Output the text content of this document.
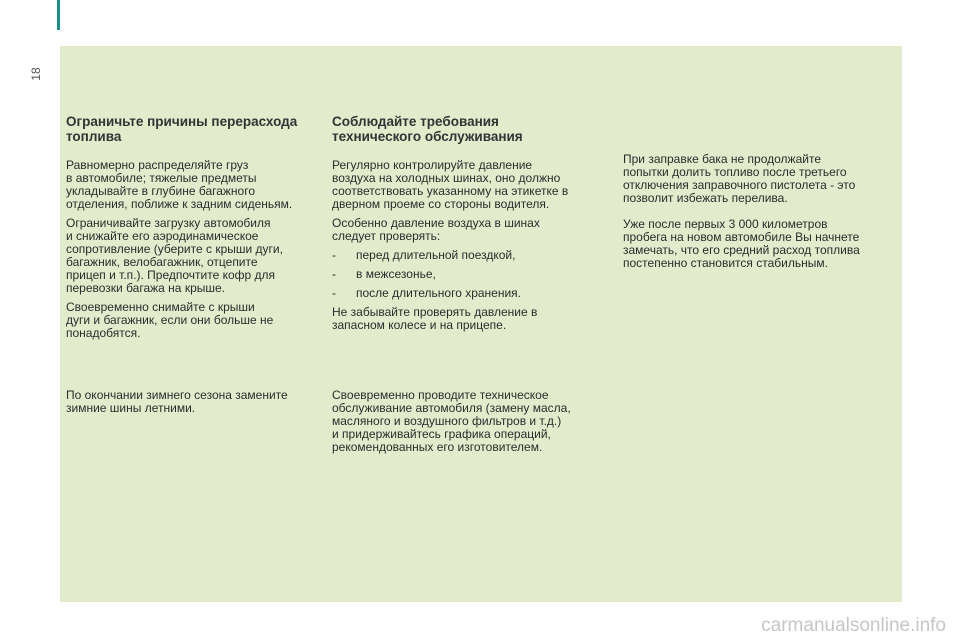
18
Ограничьте причины перерасхода
топлива

Равномерно распределяйте груз
в автомобиле; тяжелые предметы
укладывайте в глубине багажного
отделения, поближе к задним сиденьям.

Ограничивайте загрузку автомобиля
и снижайте его аэродинамическое
сопротивление (уберите с крыши дуги,
багажник, велобагажник, отцепите
прицеп и т.п.). Предпочтите кофр для
перевозки багажа на крыше.

Своевременно снимайте с крыши
дуги и багажник, если они больше не
понадобятся.

По окончании зимнего сезона замените
зимние шины летними.

Соблюдайте требования
технического обслуживания

Регулярно контролируйте давление
воздуха на холодных шинах, оно должно
соответствовать указанному на этикетке в
дверном проеме со стороны водителя.

Особенно давление воздуха в шинах
следует проверять:

- перед длительной поездкой,
- в межсезонье,
- после длительного хранения.

Не забывайте проверять давление в
запасном колесе и на прицепе.

Своевременно проводите техническое
обслуживание автомобиля (замену масла,
масляного и воздушного фильтров и т.д.)
и придерживайтесь графика операций,
рекомендованных его изготовителем.

При заправке бака не продолжайте
попытки долить топливо после третьего
отключения заправочного пистолета - это
позволит избежать перелива.

Уже после первых 3 000 километров
пробега на новом автомобиле Вы начнете
замечать, что его средний расход топлива
постепенно становится стабильным.

carmanualsonline.info
